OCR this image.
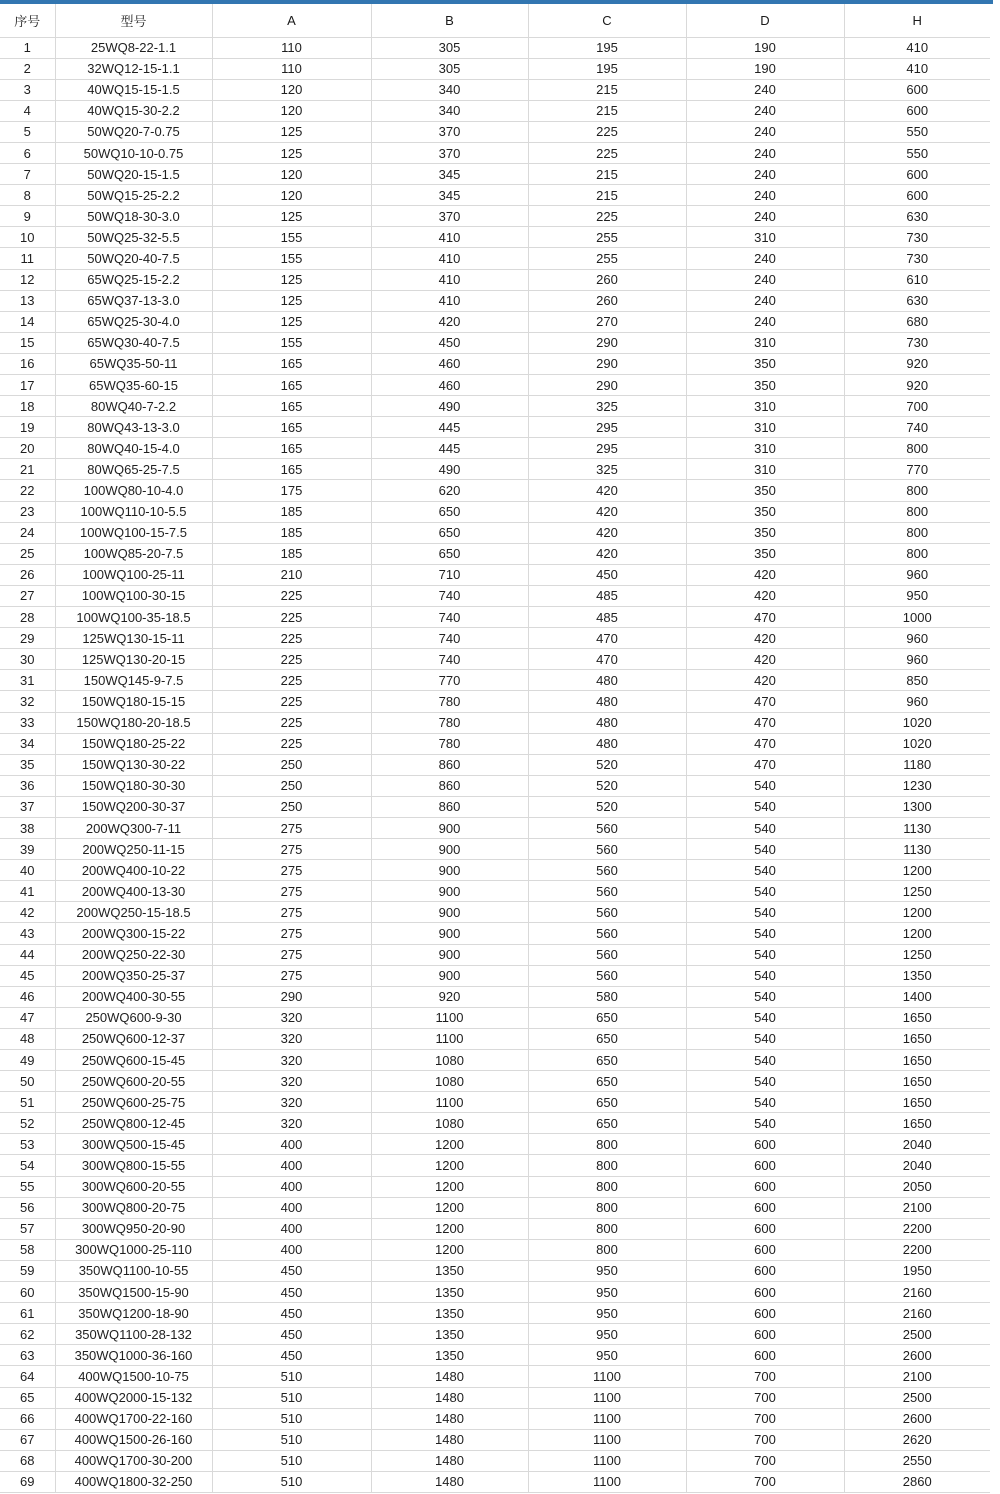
序号	型号	A	B	C	D	H
1	25WQ8-22-1.1	110	305	195	190	410
2	32WQ12-15-1.1	110	305	195	190	410
3	40WQ15-15-1.5	120	340	215	240	600
4	40WQ15-30-2.2	120	340	215	240	600
5	50WQ20-7-0.75	125	370	225	240	550
6	50WQ10-10-0.75	125	370	225	240	550
7	50WQ20-15-1.5	120	345	215	240	600
8	50WQ15-25-2.2	120	345	215	240	600
9	50WQ18-30-3.0	125	370	225	240	630
10	50WQ25-32-5.5	155	410	255	310	730
11	50WQ20-40-7.5	155	410	255	240	730
12	65WQ25-15-2.2	125	410	260	240	610
13	65WQ37-13-3.0	125	410	260	240	630
14	65WQ25-30-4.0	125	420	270	240	680
15	65WQ30-40-7.5	155	450	290	310	730
16	65WQ35-50-11	165	460	290	350	920
17	65WQ35-60-15	165	460	290	350	920
18	80WQ40-7-2.2	165	490	325	310	700
19	80WQ43-13-3.0	165	445	295	310	740
20	80WQ40-15-4.0	165	445	295	310	800
21	80WQ65-25-7.5	165	490	325	310	770
22	100WQ80-10-4.0	175	620	420	350	800
23	100WQ110-10-5.5	185	650	420	350	800
24	100WQ100-15-7.5	185	650	420	350	800
25	100WQ85-20-7.5	185	650	420	350	800
26	100WQ100-25-11	210	710	450	420	960
27	100WQ100-30-15	225	740	485	420	950
28	100WQ100-35-18.5	225	740	485	470	1000
29	125WQ130-15-11	225	740	470	420	960
30	125WQ130-20-15	225	740	470	420	960
31	150WQ145-9-7.5	225	770	480	420	850
32	150WQ180-15-15	225	780	480	470	960
33	150WQ180-20-18.5	225	780	480	470	1020
34	150WQ180-25-22	225	780	480	470	1020
35	150WQ130-30-22	250	860	520	470	1180
36	150WQ180-30-30	250	860	520	540	1230
37	150WQ200-30-37	250	860	520	540	1300
38	200WQ300-7-11	275	900	560	540	1130
39	200WQ250-11-15	275	900	560	540	1130
40	200WQ400-10-22	275	900	560	540	1200
41	200WQ400-13-30	275	900	560	540	1250
42	200WQ250-15-18.5	275	900	560	540	1200
43	200WQ300-15-22	275	900	560	540	1200
44	200WQ250-22-30	275	900	560	540	1250
45	200WQ350-25-37	275	900	560	540	1350
46	200WQ400-30-55	290	920	580	540	1400
47	250WQ600-9-30	320	1100	650	540	1650
48	250WQ600-12-37	320	1100	650	540	1650
49	250WQ600-15-45	320	1080	650	540	1650
50	250WQ600-20-55	320	1080	650	540	1650
51	250WQ600-25-75	320	1100	650	540	1650
52	250WQ800-12-45	320	1080	650	540	1650
53	300WQ500-15-45	400	1200	800	600	2040
54	300WQ800-15-55	400	1200	800	600	2040
55	300WQ600-20-55	400	1200	800	600	2050
56	300WQ800-20-75	400	1200	800	600	2100
57	300WQ950-20-90	400	1200	800	600	2200
58	300WQ1000-25-110	400	1200	800	600	2200
59	350WQ1100-10-55	450	1350	950	600	1950
60	350WQ1500-15-90	450	1350	950	600	2160
61	350WQ1200-18-90	450	1350	950	600	2160
62	350WQ1100-28-132	450	1350	950	600	2500
63	350WQ1000-36-160	450	1350	950	600	2600
64	400WQ1500-10-75	510	1480	1100	700	2100
65	400WQ2000-15-132	510	1480	1100	700	2500
66	400WQ1700-22-160	510	1480	1100	700	2600
67	400WQ1500-26-160	510	1480	1100	700	2620
68	400WQ1700-30-200	510	1480	1100	700	2550
69	400WQ1800-32-250	510	1480	1100	700	2860
